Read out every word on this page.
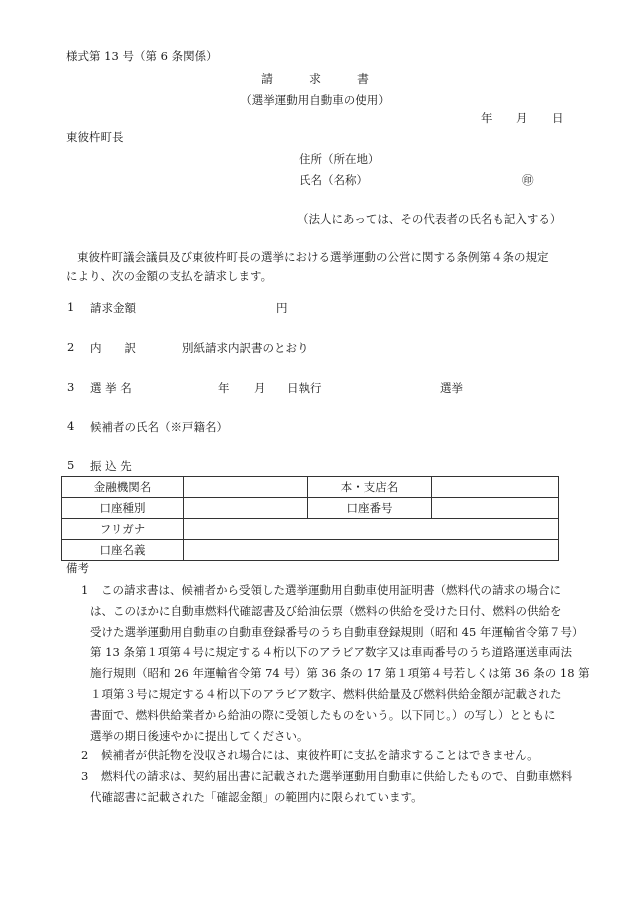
様式第 13 号（第 6 条関係）
請　　　求　　　書
（選挙運動用自動車の使用）
年 月 日
東彼杵町長
住所（所在地）
氏名（名称）	㊞
（法人にあっては、その代表者の氏名も記入する）
東彼杵町議会議員及び東彼杵町長の選挙における選挙運動の公営に関する条例第４条の規定
により、次の金額の支払を請求します。
1 請求金額	円
2 内　　訳	別紙請求内訳書のとおり
3 選 挙 名	年 月 日執行	選挙
4 候補者の氏名（※戸籍名）
5 振 込 先
金融機関名		本・支店名	
口座種別		口座番号	
フリガナ			
口座名義			
備考
1 この請求書は、候補者から受領した選挙運動用自動車使用証明書（燃料代の請求の場合に
は、このほかに自動車燃料代確認書及び給油伝票（燃料の供給を受けた日付、燃料の供給を
受けた選挙運動用自動車の自動車登録番号のうち自動車登録規則（昭和 45 年運輸省令第７号）
第 13 条第１項第４号に規定する４桁以下のアラビア数字又は車両番号のうち道路運送車両法
施行規則（昭和 26 年運輸省令第 74 号）第 36 条の 17 第１項第４号若しくは第 36 条の 18 第
１項第３号に規定する４桁以下のアラビア数字、燃料供給量及び燃料供給金額が記載された
書面で、燃料供給業者から給油の際に受領したものをいう。以下同じ。）の写し）とともに
選挙の期日後速やかに提出してください。
2 候補者が供託物を没収され場合には、東彼杵町に支払を請求することはできません。
3 燃料代の請求は、契約届出書に記載された選挙運動用自動車に供給したもので、自動車燃料
代確認書に記載された「確認金額」の範囲内に限られています。
